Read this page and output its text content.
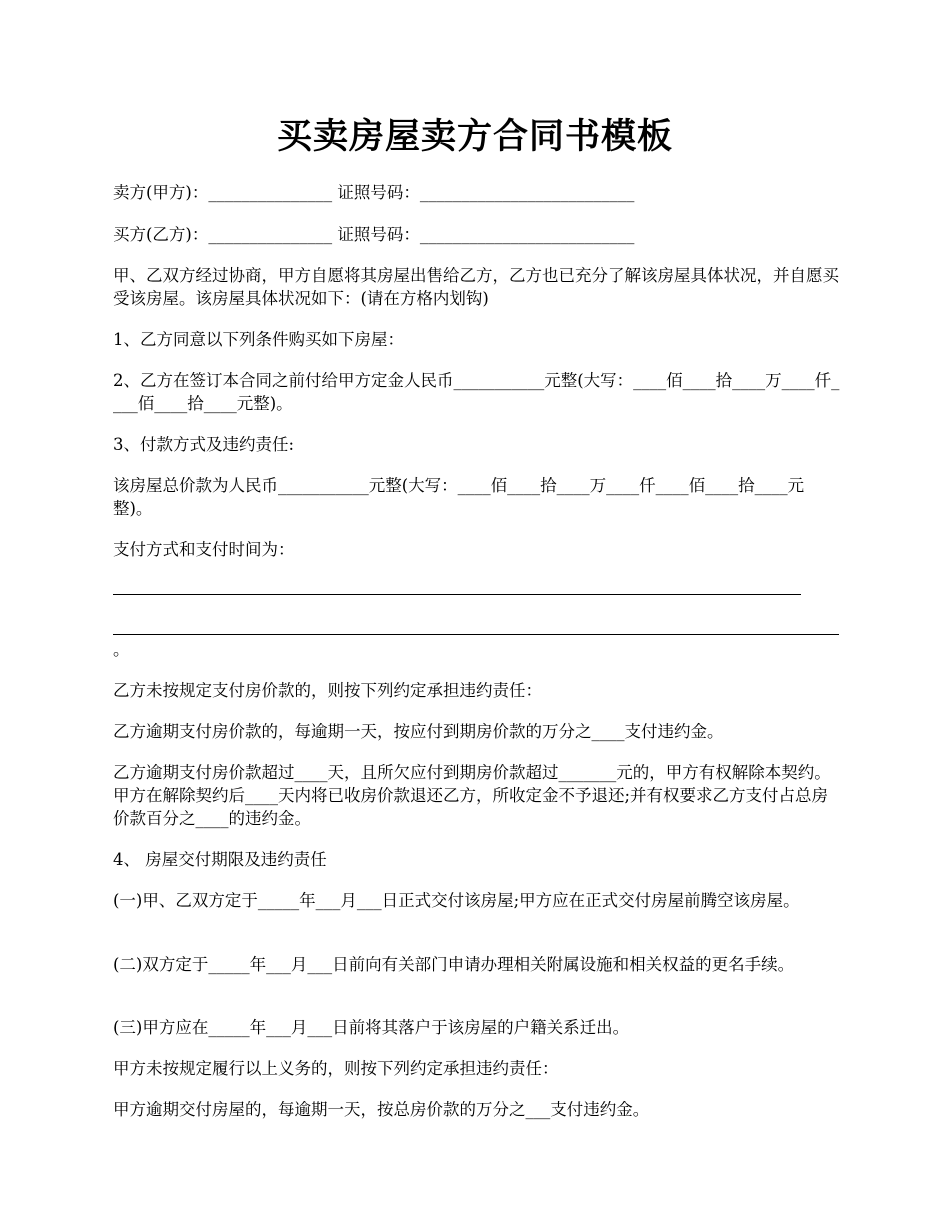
买卖房屋卖方合同书模板
卖方(甲方)：_______________ 证照号码：__________________________
买方(乙方)：_______________ 证照号码：__________________________
甲、乙双方经过协商，甲方自愿将其房屋出售给乙方，乙方也已充分了解该房屋具体状况，并自愿买受该房屋。该房屋具体状况如下：(请在方格内划钩)
1、乙方同意以下列条件购买如下房屋：
2、乙方在签订本合同之前付给甲方定金人民币___________元整(大写：____佰____拾____万____仟____佰____拾____元整)。
3、付款方式及违约责任:
该房屋总价款为人民币___________元整(大写：____佰____拾____万____仟____佰____拾____元整)。
支付方式和支付时间为：
。
乙方未按规定支付房价款的，则按下列约定承担违约责任：
乙方逾期支付房价款的，每逾期一天，按应付到期房价款的万分之____支付违约金。
乙方逾期支付房价款超过____天，且所欠应付到期房价款超过_______元的，甲方有权解除本契约。甲方在解除契约后____天内将已收房价款退还乙方，所收定金不予退还;并有权要求乙方支付占总房价款百分之____的违约金。
4、 房屋交付期限及违约责任
(一)甲、乙双方定于_____年___月___日正式交付该房屋;甲方应在正式交付房屋前腾空该房屋。
(二)双方定于_____年___月___日前向有关部门申请办理相关附属设施和相关权益的更名手续。
(三)甲方应在_____年___月___日前将其落户于该房屋的户籍关系迁出。
甲方未按规定履行以上义务的，则按下列约定承担违约责任：
甲方逾期交付房屋的，每逾期一天，按总房价款的万分之___支付违约金。
